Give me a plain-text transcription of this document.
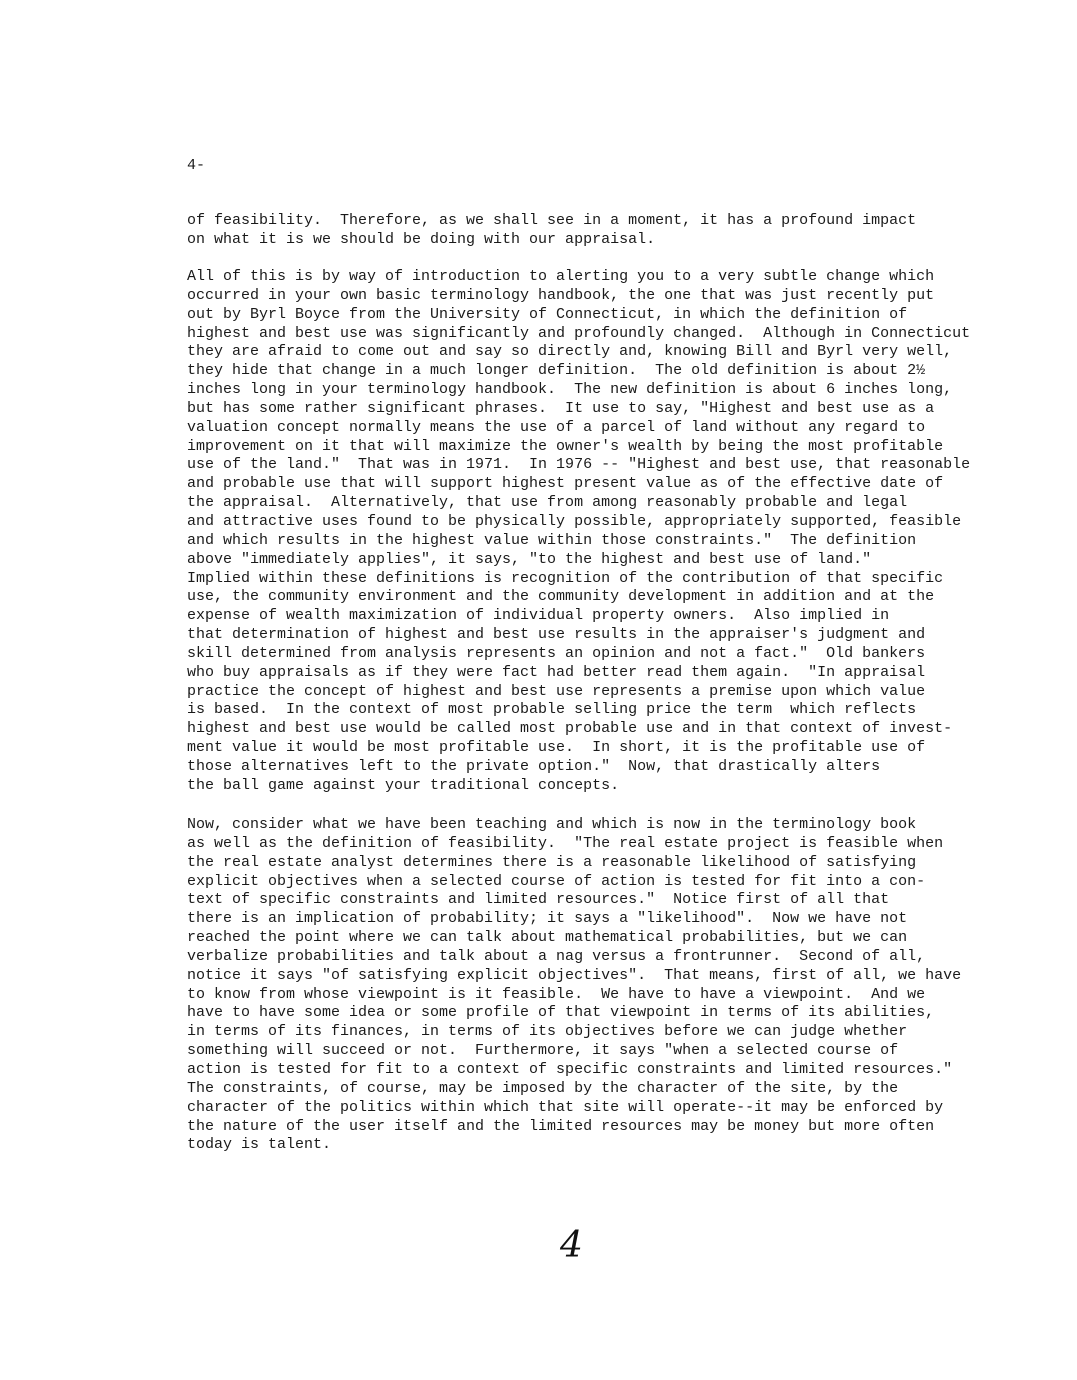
4-
of feasibility.  Therefore, as we shall see in a moment, it has a profound impact
on what it is we should be doing with our appraisal.
All of this is by way of introduction to alerting you to a very subtle change which
occurred in your own basic terminology handbook, the one that was just recently put
out by Byrl Boyce from the University of Connecticut, in which the definition of
highest and best use was significantly and profoundly changed.  Although in Connecticut
they are afraid to come out and say so directly and, knowing Bill and Byrl very well,
they hide that change in a much longer definition.  The old definition is about 2½
inches long in your terminology handbook.  The new definition is about 6 inches long,
but has some rather significant phrases.  It use to say, "Highest and best use as a
valuation concept normally means the use of a parcel of land without any regard to
improvement on it that will maximize the owner's wealth by being the most profitable
use of the land."  That was in 1971.  In 1976 -- "Highest and best use, that reasonable
and probable use that will support highest present value as of the effective date of
the appraisal.  Alternatively, that use from among reasonably probable and legal
and attractive uses found to be physically possible, appropriately supported, feasible
and which results in the highest value within those constraints."  The definition
above "immediately applies", it says, "to the highest and best use of land."
Implied within these definitions is recognition of the contribution of that specific
use, the community environment and the community development in addition and at the
expense of wealth maximization of individual property owners.  Also implied in
that determination of highest and best use results in the appraiser's judgment and
skill determined from analysis represents an opinion and not a fact."  Old bankers
who buy appraisals as if they were fact had better read them again.  "In appraisal
practice the concept of highest and best use represents a premise upon which value
is based.  In the context of most probable selling price the term  which reflects
highest and best use would be called most probable use and in that context of invest-
ment value it would be most profitable use.  In short, it is the profitable use of
those alternatives left to the private option."  Now, that drastically alters
the ball game against your traditional concepts.
Now, consider what we have been teaching and which is now in the terminology book
as well as the definition of feasibility.  "The real estate project is feasible when
the real estate analyst determines there is a reasonable likelihood of satisfying
explicit objectives when a selected course of action is tested for fit into a con-
text of specific constraints and limited resources."  Notice first of all that
there is an implication of probability; it says a "likelihood".  Now we have not
reached the point where we can talk about mathematical probabilities, but we can
verbalize probabilities and talk about a nag versus a frontrunner.  Second of all,
notice it says "of satisfying explicit objectives".  That means, first of all, we have
to know from whose viewpoint is it feasible.  We have to have a viewpoint.  And we
have to have some idea or some profile of that viewpoint in terms of its abilities,
in terms of its finances, in terms of its objectives before we can judge whether
something will succeed or not.  Furthermore, it says "when a selected course of
action is tested for fit to a context of specific constraints and limited resources."
The constraints, of course, may be imposed by the character of the site, by the
character of the politics within which that site will operate--it may be enforced by
the nature of the user itself and the limited resources may be money but more often
today is talent.
4
